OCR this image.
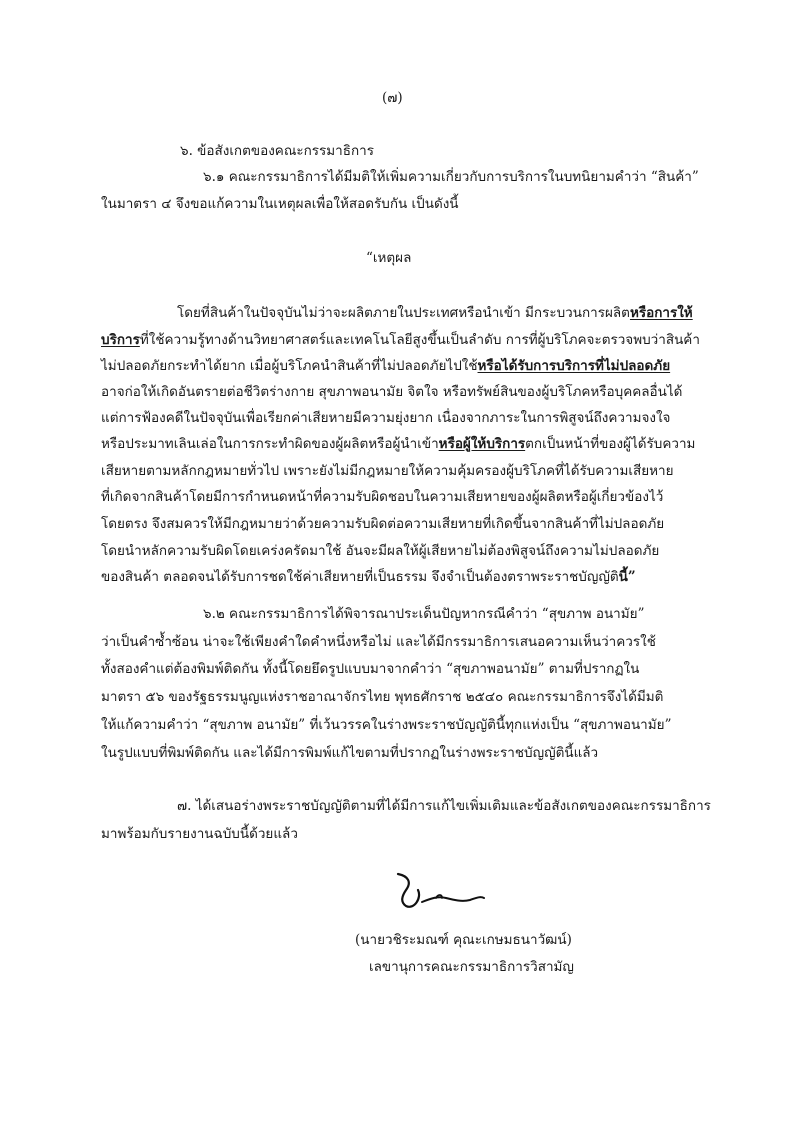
(๗)
๖. ข้อสังเกตของคณะกรรมาธิการ
๖.๑ คณะกรรมาธิการได้มีมติให้เพิ่มความเกี่ยวกับการบริการในบทนิยามคำว่า “สินค้า”
ในมาตรา ๔ จึงขอแก้ความในเหตุผลเพื่อให้สอดรับกัน เป็นดังนี้
“เหตุผล
โดยที่สินค้าในปัจจุบันไม่ว่าจะผลิตภายในประเทศหรือนำเข้า มีกระบวนการผลิตหรือการให้
บริการที่ใช้ความรู้ทางด้านวิทยาศาสตร์และเทคโนโลยีสูงขึ้นเป็นลำดับ การที่ผู้บริโภคจะตรวจพบว่าสินค้า
ไม่ปลอดภัยกระทำได้ยาก เมื่อผู้บริโภคนำสินค้าที่ไม่ปลอดภัยไปใช้หรือได้รับการบริการที่ไม่ปลอดภัย
อาจก่อให้เกิดอันตรายต่อชีวิตร่างกาย สุขภาพอนามัย จิตใจ หรือทรัพย์สินของผู้บริโภคหรือบุคคลอื่นได้
แต่การฟ้องคดีในปัจจุบันเพื่อเรียกค่าเสียหายมีความยุ่งยาก เนื่องจากภาระในการพิสูจน์ถึงความจงใจ
หรือประมาทเลินเล่อในการกระทำผิดของผู้ผลิตหรือผู้นำเข้าหรือผู้ให้บริการตกเป็นหน้าที่ของผู้ได้รับความ
เสียหายตามหลักกฎหมายทั่วไป เพราะยังไม่มีกฎหมายให้ความคุ้มครองผู้บริโภคที่ได้รับความเสียหาย
ที่เกิดจากสินค้าโดยมีการกำหนดหน้าที่ความรับผิดชอบในความเสียหายของผู้ผลิตหรือผู้เกี่ยวข้องไว้
โดยตรง จึงสมควรให้มีกฎหมายว่าด้วยความรับผิดต่อความเสียหายที่เกิดขึ้นจากสินค้าที่ไม่ปลอดภัย
โดยนำหลักความรับผิดโดยเคร่งครัดมาใช้ อันจะมีผลให้ผู้เสียหายไม่ต้องพิสูจน์ถึงความไม่ปลอดภัย
ของสินค้า ตลอดจนได้รับการชดใช้ค่าเสียหายที่เป็นธรรม จึงจำเป็นต้องตราพระราชบัญญัตินี้”
๖.๒ คณะกรรมาธิการได้พิจารณาประเด็นปัญหากรณีคำว่า “สุขภาพ อนามัย”
ว่าเป็นคำซ้ำซ้อน น่าจะใช้เพียงคำใดคำหนึ่งหรือไม่ และได้มีกรรมาธิการเสนอความเห็นว่าควรใช้
ทั้งสองคำแต่ต้องพิมพ์ติดกัน ทั้งนี้โดยยึดรูปแบบมาจากคำว่า “สุขภาพอนามัย” ตามที่ปรากฏใน
มาตรา ๕๖ ของรัฐธรรมนูญแห่งราชอาณาจักรไทย พุทธศักราช ๒๕๔๐ คณะกรรมาธิการจึงได้มีมติ
ให้แก้ความคำว่า “สุขภาพ อนามัย” ที่เว้นวรรคในร่างพระราชบัญญัตินี้ทุกแห่งเป็น “สุขภาพอนามัย”
ในรูปแบบที่พิมพ์ติดกัน และได้มีการพิมพ์แก้ไขตามที่ปรากฏในร่างพระราชบัญญัตินี้แล้ว
๗. ได้เสนอร่างพระราชบัญญัติตามที่ได้มีการแก้ไขเพิ่มเติมและข้อสังเกตของคณะกรรมาธิการ
มาพร้อมกับรายงานฉบับนี้ด้วยแล้ว
(นายวชิระมณฑ์ คุณะเกษมธนาวัฒน์)
เลขานุการคณะกรรมาธิการวิสามัญ
